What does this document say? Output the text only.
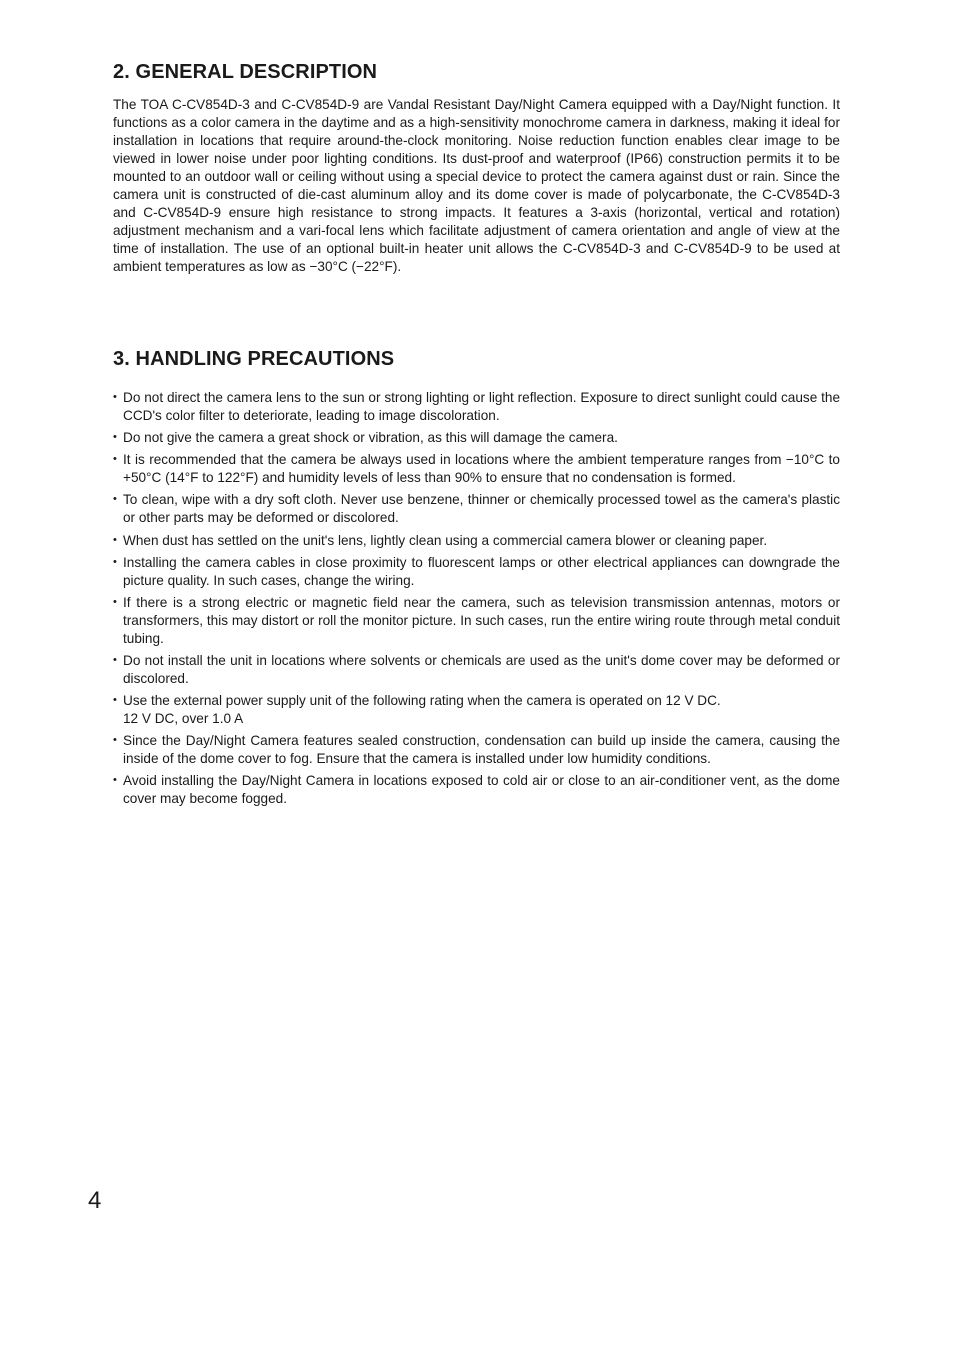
2. GENERAL DESCRIPTION

The TOA C-CV854D-3 and C-CV854D-9 are Vandal Resistant Day/Night Camera equipped with a Day/Night function. It functions as a color camera in the daytime and as a high-sensitivity monochrome camera in darkness, making it ideal for installation in locations that require around-the-clock monitoring. Noise reduction function enables clear image to be viewed in lower noise under poor lighting conditions. Its dust-proof and waterproof (IP66) construction permits it to be mounted to an outdoor wall or ceiling without using a special device to protect the camera against dust or rain. Since the camera unit is constructed of die-cast aluminum alloy and its dome cover is made of polycarbonate, the C-CV854D-3 and C-CV854D-9 ensure high resistance to strong impacts. It features a 3-axis (horizontal, vertical and rotation) adjustment mechanism and a vari-focal lens which facilitate adjustment of camera orientation and angle of view at the time of installation. The use of an optional built-in heater unit allows the C-CV854D-3 and C-CV854D-9 to be used at ambient temperatures as low as −30°C (−22°F).

3. HANDLING PRECAUTIONS
• Do not direct the camera lens to the sun or strong lighting or light reflection. Exposure to direct sunlight could cause the CCD's color filter to deteriorate, leading to image discoloration.
• Do not give the camera a great shock or vibration, as this will damage the camera.
• It is recommended that the camera be always used in locations where the ambient temperature ranges from −10°C to +50°C (14°F to 122°F) and humidity levels of less than 90% to ensure that no condensation is formed.
• To clean, wipe with a dry soft cloth. Never use benzene, thinner or chemically processed towel as the camera's plastic or other parts may be deformed or discolored.
• When dust has settled on the unit's lens, lightly clean using a commercial camera blower or cleaning paper.
• Installing the camera cables in close proximity to fluorescent lamps or other electrical appliances can downgrade the picture quality. In such cases, change the wiring.
• If there is a strong electric or magnetic field near the camera, such as television transmission antennas, motors or transformers, this may distort or roll the monitor picture. In such cases, run the entire wiring route through metal conduit tubing.
• Do not install the unit in locations where solvents or chemicals are used as the unit's dome cover may be deformed or discolored.
• Use the external power supply unit of the following rating when the camera is operated on 12 V DC.
12 V DC, over 1.0 A
• Since the Day/Night Camera features sealed construction, condensation can build up inside the camera, causing the inside of the dome cover to fog. Ensure that the camera is installed under low humidity conditions.
• Avoid installing the Day/Night Camera in locations exposed to cold air or close to an air-conditioner vent, as the dome cover may become fogged.
4
